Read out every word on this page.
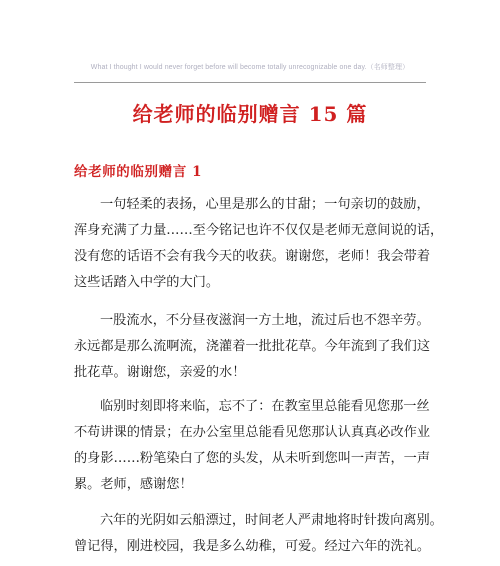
What I thought I would never forget before will become totally unrecognizable one day.（名师整理）
给老师的临别赠言 15 篇
给老师的临别赠言 1
一句轻柔的表扬，心里是那么的甘甜；一句亲切的鼓励，
浑身充满了力量……至今铭记也许不仅仅是老师无意间说的话，
没有您的话语不会有我今天的收获。谢谢您，老师！我会带着
这些话踏入中学的大门。
一股流水，不分昼夜滋润一方土地，流过后也不怨辛劳。
永远都是那么流啊流，浇灌着一批批花草。今年流到了我们这
批花草。谢谢您，亲爱的水！
临别时刻即将来临，忘不了：在教室里总能看见您那一丝
不苟讲课的情景；在办公室里总能看见您那认认真真必改作业
的身影……粉笔染白了您的头发，从未听到您叫一声苦，一声
累。老师，感谢您！
六年的光阴如云船漂过，时间老人严肃地将时针拨向离别。
曾记得，刚进校园，我是多么幼稚，可爱。经过六年的洗礼。
